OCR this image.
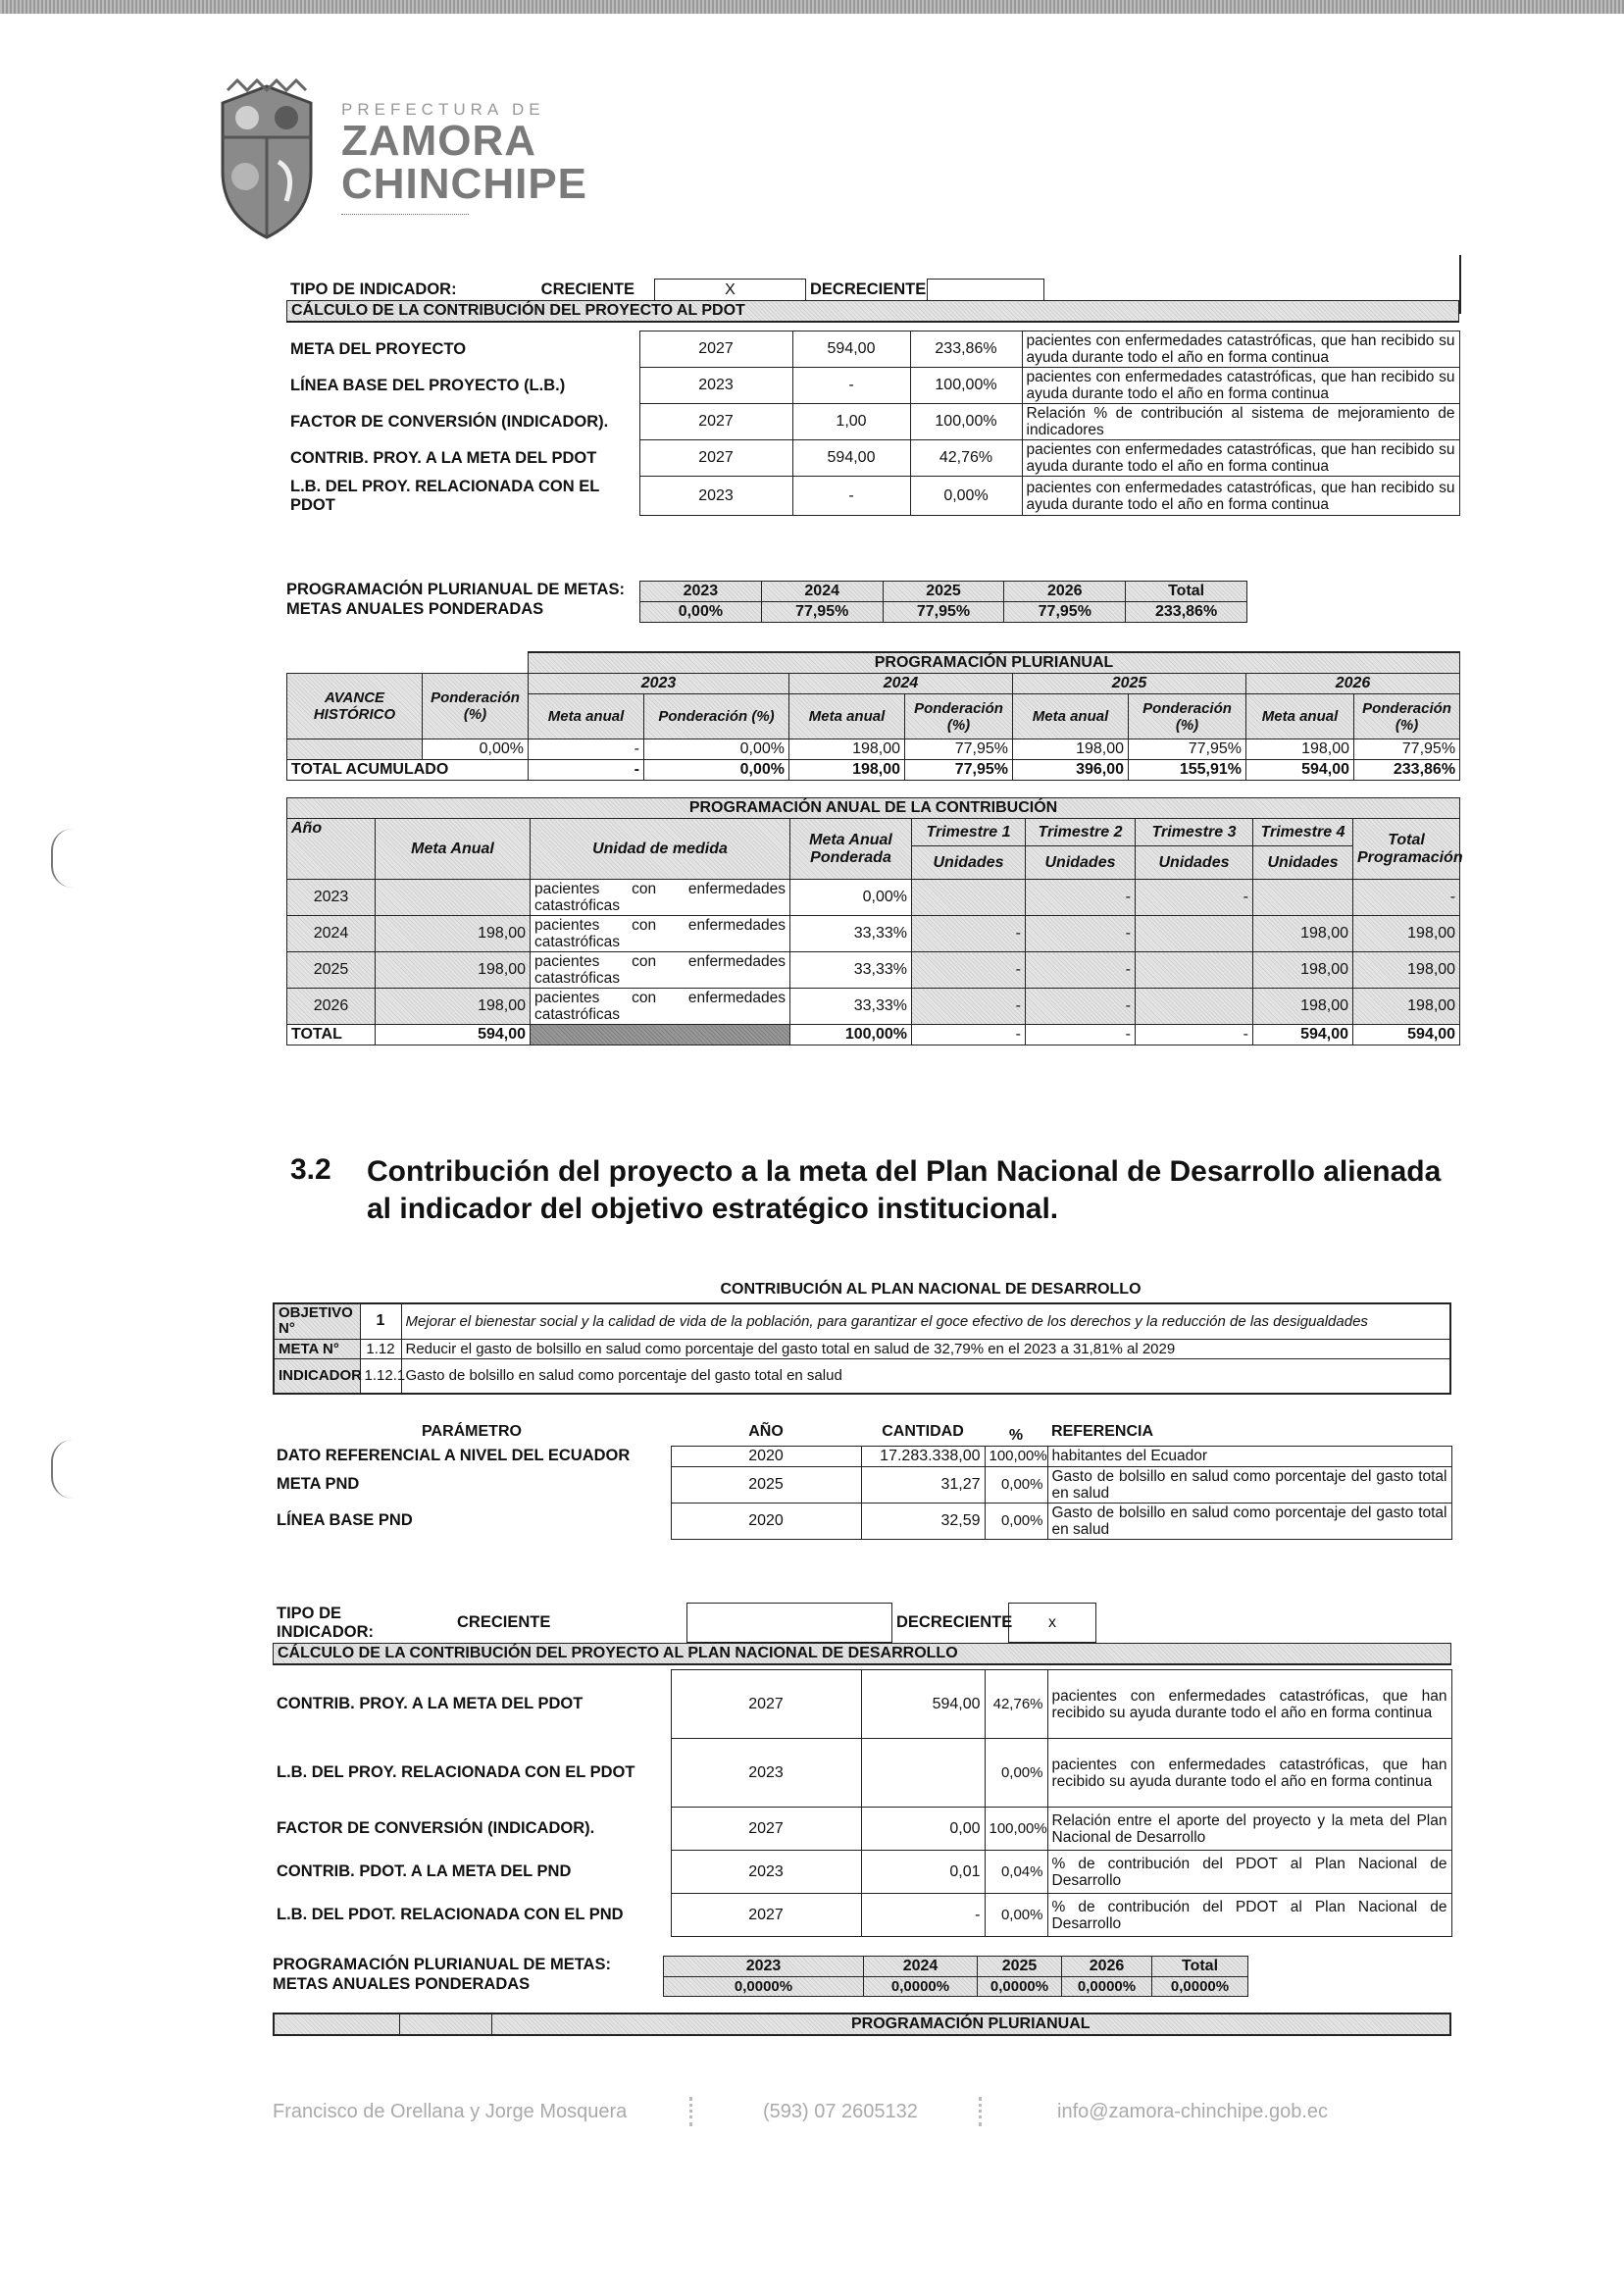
PREFECTURA DE
ZAMORA
CHINCHIPE
TIPO DE INDICADOR:	CRECIENTE	X	DECRECIENTE		
CÁLCULO DE LA CONTRIBUCIÓN DEL PROYECTO AL PDOT
META DEL PROYECTO	2027	594,00	233,86%	pacientes con enfermedades catastróficas, que han recibido su ayuda durante todo el año en forma continua
LÍNEA BASE DEL PROYECTO (L.B.)	2023	-	100,00%	pacientes con enfermedades catastróficas, que han recibido su ayuda durante todo el año en forma continua
FACTOR DE CONVERSIÓN (INDICADOR).	2027	1,00	100,00%	Relación % de contribución al sistema de mejoramiento de indicadores
CONTRIB. PROY. A LA META DEL PDOT	2027	594,00	42,76%	pacientes con enfermedades catastróficas, que han recibido su ayuda durante todo el año en forma continua
L.B. DEL PROY. RELACIONADA CON EL PDOT	2023	-	0,00%	pacientes con enfermedades catastróficas, que han recibido su ayuda durante todo el año en forma continua
PROGRAMACIÓN PLURIANUAL DE METAS:
METAS ANUALES PONDERADAS
2023	2024	2025	2026	Total
0,00%	77,95%	77,95%	77,95%	233,86%
		PROGRAMACIÓN PLURIANUAL							
AVANCE HISTÓRICO	Ponderación (%)	2023		2024		2025		2026	
		Meta anual	Ponderación (%)	Meta anual	Ponderación (%)	Meta anual	Ponderación (%)	Meta anual	Ponderación (%)
	0,00%	-	0,00%	198,00	77,95%	198,00	77,95%	198,00	77,95%
TOTAL ACUMULADO		-	0,00%	198,00	77,95%	396,00	155,91%	594,00	233,86%
PROGRAMACIÓN ANUAL DE LA CONTRIBUCIÓN								
Año	Meta Anual	Unidad de medida	Meta Anual Ponderada	Trimestre 1	Trimestre 2	Trimestre 3	Trimestre 4	Total Programación
				Unidades	Unidades	Unidades	Unidades	
2023		pacientes con enfermedades catastróficas	0,00%		-	-		-
2024	198,00	pacientes con enfermedades catastróficas	33,33%	-	-		198,00	198,00
2025	198,00	pacientes con enfermedades catastróficas	33,33%	-	-		198,00	198,00
2026	198,00	pacientes con enfermedades catastróficas	33,33%	-	-		198,00	198,00
TOTAL	594,00		100,00%	-	-	-	594,00	594,00
3.2 Contribución del proyecto a la meta del Plan Nacional de Desarrollo alienada al indicador del objetivo estratégico institucional.
CONTRIBUCIÓN AL PLAN NACIONAL DE DESARROLLO
OBJETIVO N°	1	Mejorar el bienestar social y la calidad de vida de la población, para garantizar el goce efectivo de los derechos y la reducción de las desigualdades
META N°	1.12	Reducir el gasto de bolsillo en salud como porcentaje del gasto total en salud de 32,79% en el 2023 a 31,81% al 2029
INDICADOR	1.12.1	Gasto de bolsillo en salud como porcentaje del gasto total en salud
PARÁMETRO	AÑO	CANTIDAD	%	REFERENCIA
DATO REFERENCIAL A NIVEL DEL ECUADOR	2020	17.283.338,00	100,00%	habitantes del Ecuador
META PND	2025	31,27	0,00%	Gasto de bolsillo en salud como porcentaje del gasto total en salud
LÍNEA BASE PND	2020	32,59	0,00%	Gasto de bolsillo en salud como porcentaje del gasto total en salud
TIPO DE INDICADOR:	CRECIENTE		DECRECIENTE	x	
CÁLCULO DE LA CONTRIBUCIÓN DEL PROYECTO AL PLAN NACIONAL DE DESARROLLO
CONTRIB. PROY. A LA META DEL PDOT	2027	594,00	42,76%	pacientes con enfermedades catastróficas, que han recibido su ayuda durante todo el año en forma continua
L.B. DEL PROY. RELACIONADA CON EL PDOT	2023		0,00%	pacientes con enfermedades catastróficas, que han recibido su ayuda durante todo el año en forma continua
FACTOR DE CONVERSIÓN (INDICADOR).	2027	0,00	100,00%	Relación entre el aporte del proyecto y la meta del Plan Nacional de Desarrollo
CONTRIB. PDOT. A LA META DEL PND	2023	0,01	0,04%	% de contribución del PDOT al Plan Nacional de Desarrollo
L.B. DEL PDOT. RELACIONADA CON EL PND	2027	-	0,00%	% de contribución del PDOT al Plan Nacional de Desarrollo
PROGRAMACIÓN PLURIANUAL DE METAS:
METAS ANUALES PONDERADAS
2023	2024	2025	2026	Total
0,0000%	0,0000%	0,0000%	0,0000%	0,0000%
		PROGRAMACIÓN PLURIANUAL
Francisco de Orellana y Jorge Mosquera	(593) 07 2605132	info@zamora-chinchipe.gob.ec
